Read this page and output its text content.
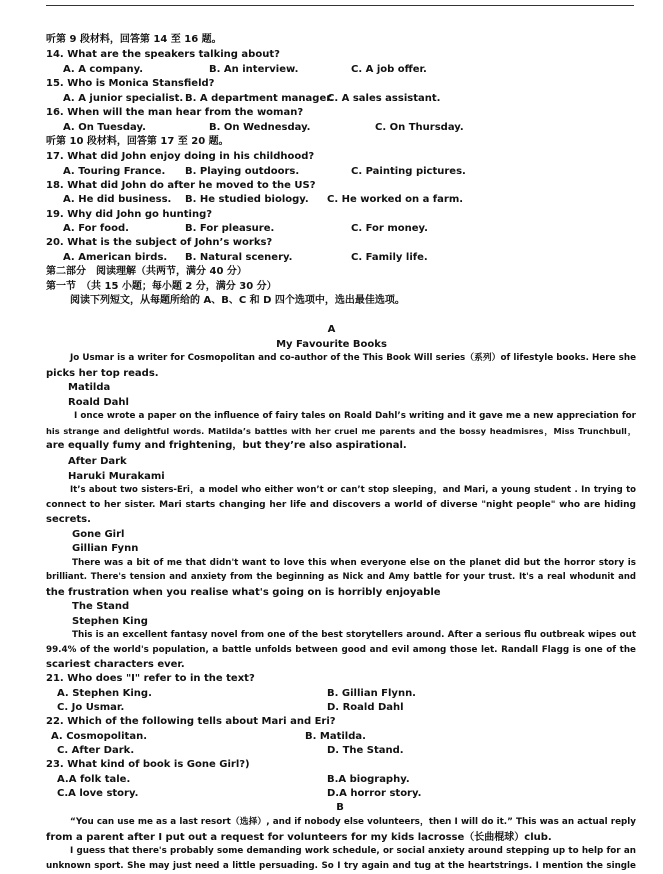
听第 9 段材料，回答第 14 至 16 题。
14. What are the speakers talking about?
A. A company.	B. An interview.	C. A job offer.
15. Who is Monica Stansfield?
A. A junior specialist. B. A department manager.
C. A sales assistant.
16. When will the man hear from the woman?
A. On Tuesday.	B. On Wednesday.	C. On Thursday.
听第 10 段材料，回答第 17 至 20 题。
17. What did John enjoy doing in his childhood?
A. Touring France. B. Playing outdoors.	C. Painting pictures.
18. What did John do after he moved to the US?
A. He did business. B. He studied biology. C. He worked on a farm.
19. Why did John go hunting?
A. For food.	B. For pleasure.	C. For money.
20. What is the subject of John’s works?
A. American birds. B. Natural scenery.	C. Family life.
第二部分　阅读理解（共两节，满分 40 分）
第一节　（共 15 小题；每小题 2 分，满分 30 分）
阅读下列短文，从每题所给的 A、B、C 和 D 四个选项中，选出最佳选项。
A
My Favourite Books
Jo Usmar is a writer for Cosmopolitan and co-author of the This Book Will series（系列）of lifestyle books. Here she
picks her top reads.
Matilda
Roald Dahl
I once wrote a paper on the influence of fairy tales on Roald Dahl’s writing and it gave me a new appreciation for
his strange and delightful words. Matilda’s battles with her cruel me parents and the bossy headmisres，Miss Trunchbull，
are equally fumy and frightening，but they’re also aspirational.
After Dark
Haruki Murakami
It’s about two sisters-Eri，a model who either won’t or can’t stop sleeping，and Mari, a young student . In trying to
connect to her sister. Mari starts changing her life and discovers a world of diverse "night people" who are hiding
secrets.
Gone Girl
Gillian Fynn
There was a bit of me that didn't want to love this when everyone else on the planet did but the horror story is
brilliant. There's tension and anxiety from the beginning as Nick and Amy battle for your trust. It's a real whodunit and
the frustration when you realise what's going on is horribly enjoyable
The Stand
Stephen King
This is an excellent fantasy novel from one of the best storytellers around. After a serious flu outbreak wipes out
99.4% of the world's population, a battle unfolds between good and evil among those let. Randall Flagg is one of the
scariest characters ever.
21. Who does "I" refer to in the text?
A. Stephen King.	B. Gillian Flynn.
C. Jo Usmar.	D. Roald Dahl
22. Which of the following tells about Mari and Eri?
A. Cosmopolitan.	B. Matilda.
C. After Dark.	D. The Stand.
23. What kind of book is Gone Girl?)
A.A folk tale.	B.A biography.
C.A love story.	D.A horror story.
B
“You can use me as a last resort（选择）, and if nobody else volunteers，then I will do it.” This was an actual reply
from a parent after I put out a request for volunteers for my kids lacrosse（长曲棍球）club.
I guess that there's probably some demanding work schedule, or social anxiety around stepping up to help for an
unknown sport. She may just need a little persuading. So I try again and tug at the heartstrings. I mention the single
